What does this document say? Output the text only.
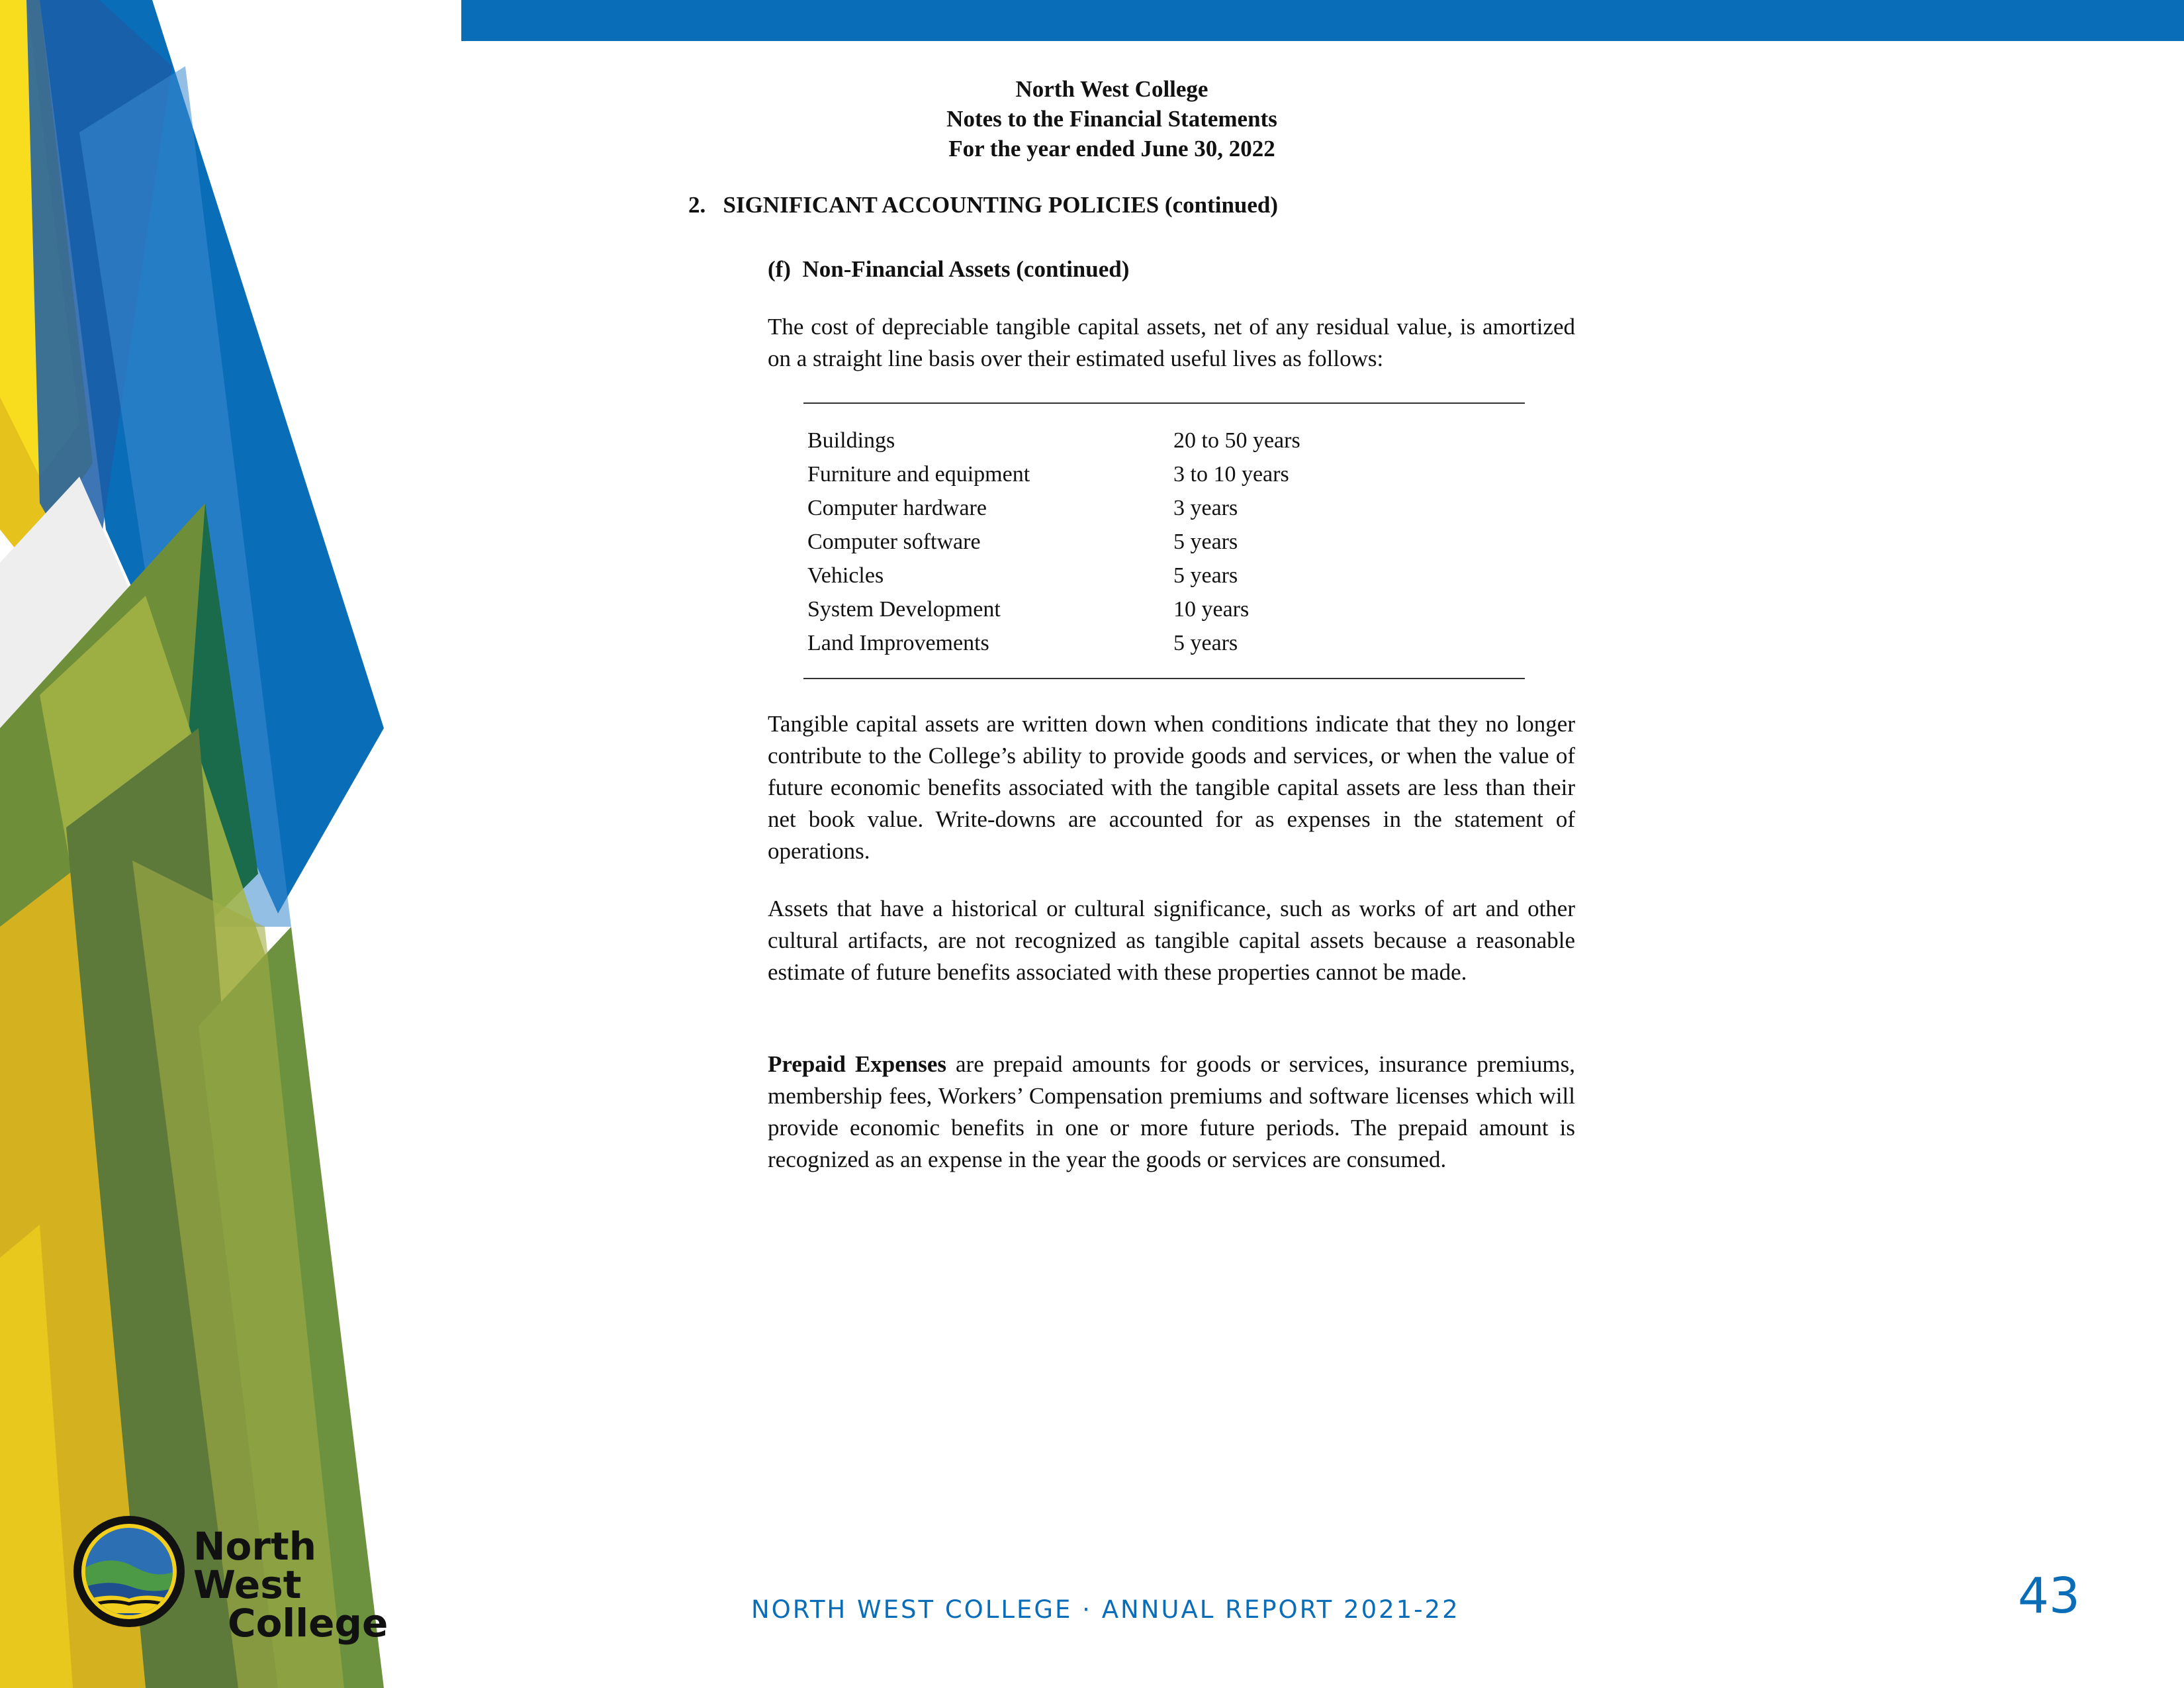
North West College
Notes to the Financial Statements
For the year ended June 30, 2022
2.   SIGNIFICANT ACCOUNTING POLICIES (continued)
(f)  Non-Financial Assets (continued)
The cost of depreciable tangible capital assets, net of any residual value, is amortized on a straight line basis over their estimated useful lives as follows:
Buildings	20 to 50 years
Furniture and equipment	3 to 10 years
Computer hardware	3 years
Computer software	5 years
Vehicles	5 years
System Development	10 years
Land Improvements	5 years
Tangible capital assets are written down when conditions indicate that they no longer contribute to the College’s ability to provide goods and services, or when the value of future economic benefits associated with the tangible capital assets are less than their net book value. Write-downs are accounted for as expenses in the statement of operations.
Assets that have a historical or cultural significance, such as works of art and other cultural artifacts, are not recognized as tangible capital assets because a reasonable estimate of future benefits associated with these properties cannot be made.
Prepaid Expenses are prepaid amounts for goods or services, insurance premiums, membership fees, Workers’ Compensation premiums and software licenses which will provide economic benefits in one or more future periods. The prepaid amount is recognized as an expense in the year the goods or services are consumed.
North West
College	NORTH WEST COLLEGE · ANNUAL REPORT 2021-22	43
